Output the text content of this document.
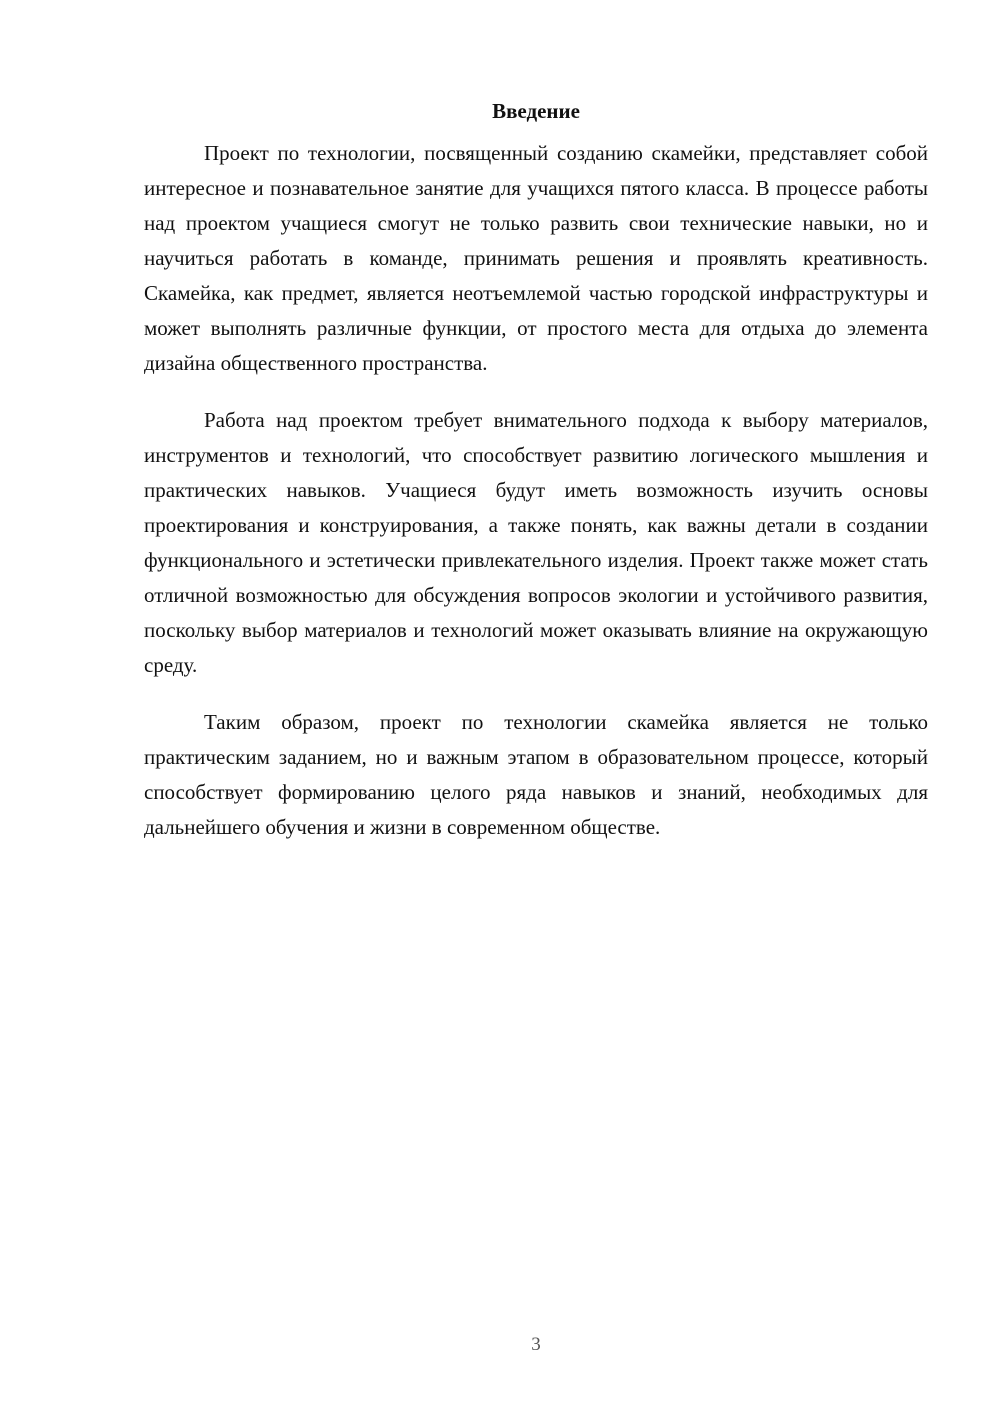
Введение

Проект по технологии, посвященный созданию скамейки, представляет собой интересное и познавательное занятие для учащихся пятого класса. В процессе работы над проектом учащиеся смогут не только развить свои технические навыки, но и научиться работать в команде, принимать решения и проявлять креативность. Скамейка, как предмет, является неотъемлемой частью городской инфраструктуры и может выполнять различные функции, от простого места для отдыха до элемента дизайна общественного пространства.

Работа над проектом требует внимательного подхода к выбору материалов, инструментов и технологий, что способствует развитию логического мышления и практических навыков. Учащиеся будут иметь возможность изучить основы проектирования и конструирования, а также понять, как важны детали в создании функционального и эстетически привлекательного изделия. Проект также может стать отличной возможностью для обсуждения вопросов экологии и устойчивого развития, поскольку выбор материалов и технологий может оказывать влияние на окружающую среду.

Таким образом, проект по технологии скамейка является не только практическим заданием, но и важным этапом в образовательном процессе, который способствует формированию целого ряда навыков и знаний, необходимых для дальнейшего обучения и жизни в современном обществе.

3
